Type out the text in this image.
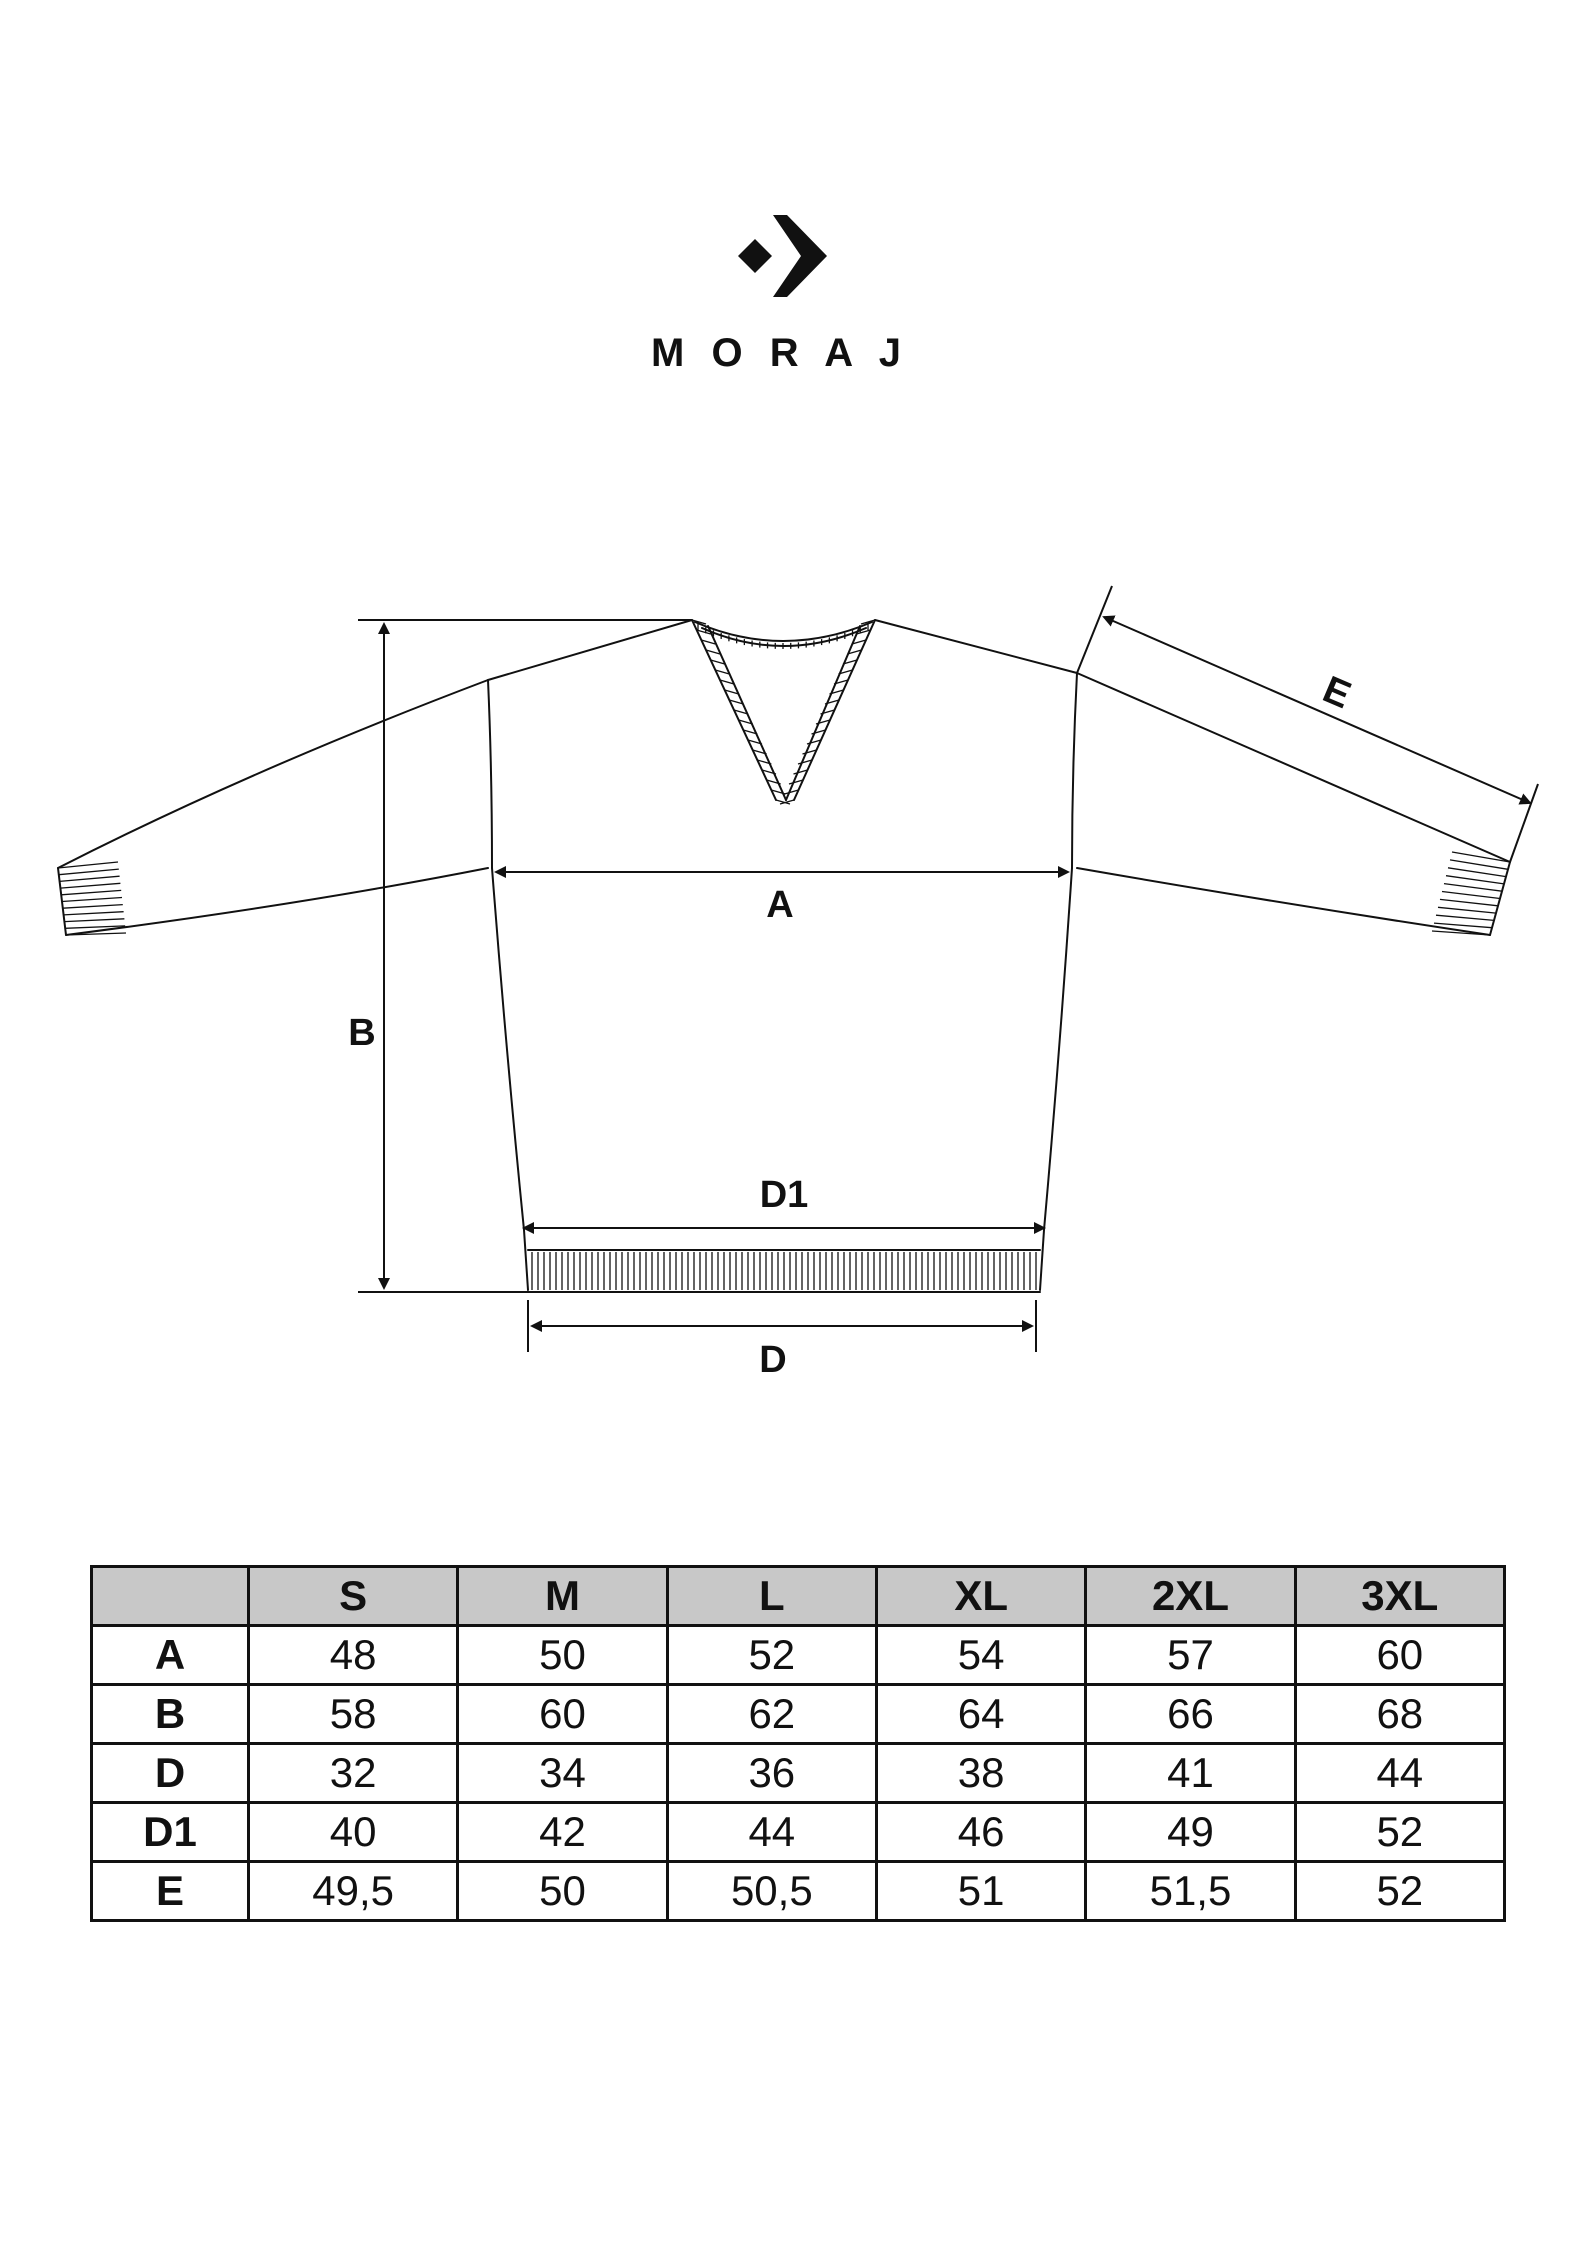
M O R A J
A
B
D1
D
E
	S	M	L	XL	2XL	3XL
A	48	50	52	54	57	60
B	58	60	62	64	66	68
D	32	34	36	38	41	44
D1	40	42	44	46	49	52
E	49,5	50	50,5	51	51,5	52
